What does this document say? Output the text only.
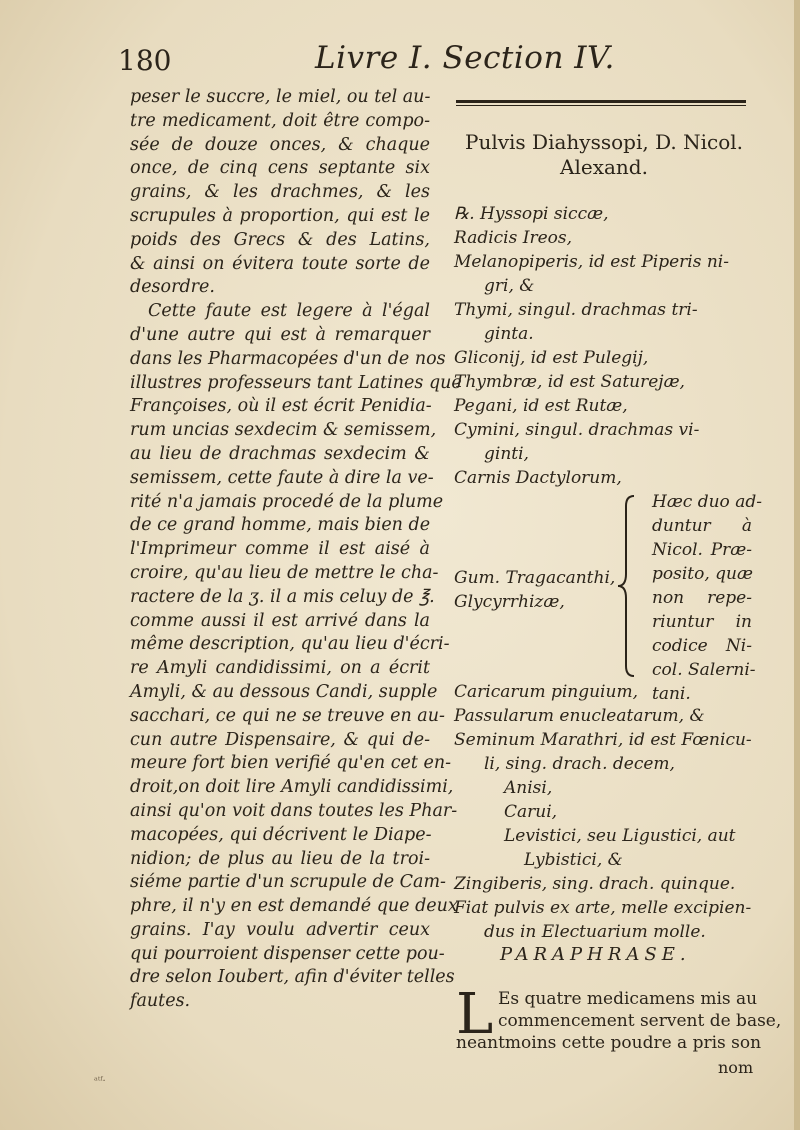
180	Livre I. Section IV.
peser le succre, le miel, ou tel au-
tre medicament, doit être compo-
sée de douze onces, & chaque
once, de cinq cens septante six
grains, & les drachmes, & les
scrupules à proportion, qui est le
poids des Grecs & des Latins,
& ainsi on évitera toute sorte de
desordre.
Cette faute est legere à l'égal
d'une autre qui est à remarquer
dans les Pharmacopées d'un de nos
illustres professeurs tant Latines que
Françoises, où il est écrit Penidia-
rum uncias sexdecim & semissem,
au lieu de drachmas sexdecim &
semissem, cette faute à dire la ve-
rité n'a jamais procedé de la plume
de ce grand homme, mais bien de
l'Imprimeur comme il est aisé à
croire, qu'au lieu de mettre le cha-
ractere de la ʒ. il a mis celuy de ℥.
comme aussi il est arrivé dans la
même description, qu'au lieu d'écri-
re Amyli candidissimi, on a écrit
Amyli, & au dessous Candi, supple
sacchari, ce qui ne se treuve en au-
cun autre Dispensaire, & qui de-
meure fort bien verifié qu'en cet en-
droit,on doit lire Amyli candidissimi,
ainsi qu'on voit dans toutes les Phar-
macopées, qui décrivent le Diape-
nidion; de plus au lieu de la troi-
siéme partie d'un scrupule de Cam-
phre, il n'y en est demandé que deux
grains. I'ay voulu advertir ceux
qui pourroient dispenser cette pou-
dre selon Ioubert, afin d'éviter telles
fautes.
Pulvis Diahyssopi, D. Nicol.
Alexand.
℞. Hyssopi siccæ,
Radicis Ireos,
Melanopiperis, id est Piperis ni-
gri, &
Thymi, singul. drachmas tri-
ginta.
Gliconij, id est Pulegij,
Thymbræ, id est Saturejæ,
Pegani, id est Rutæ,
Cymini, singul. drachmas vi-
ginti,
Carnis Dactylorum,
Gum. Tragacanthi,
Glycyrrhizæ,
Hæc duo ad-
duntur à
Nicol. Præ-
posito, quæ
non repe-
riuntur in
codice Ni-
col. Salerni-
tani.
Caricarum pinguium,
Passularum enucleatarum, &
Seminum Marathri, id est Fœnicu-
li, sing. drach. decem,
Anisi,
Carui,
Levistici, seu Ligustici, aut
Lybistici, &
Zingiberis, sing. drach. quinque.
Fiat pulvis ex arte, melle excipien-
dus in Electuarium molle.
PARAPHRASE.
L Es quatre medicamens mis au
commencement servent de base,
neantmoins cette poudre a pris son
nom
ᵃᵗᶠ·
